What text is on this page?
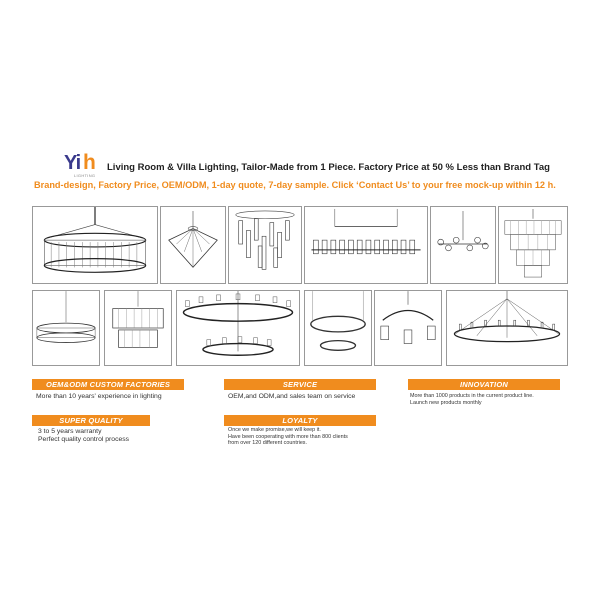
Yi h
LIGHTING
Living Room & Villa Lighting, Tailor-Made from 1 Piece. Factory Price at 50 % Less than Brand Tag
Brand-design, Factory Price, OEM/ODM, 1-day quote, 7-day sample. Click ‘Contact Us’ to your free mock-up within 12 h.
OEM&ODM CUSTOM FACTORIES
More than 10 years' experience in lighting
SERVICE
OEM,and ODM,and sales team on service
INNOVATION
More than 1000 products in the current product line.
Launch new products monthly
SUPER QUALITY
3 to 5 years warranty
Perfect quality control process
LOYALTY
Once we make promise,we will keep it.
Have been cooperating with more than 800 clients
from over 120 different countries.
